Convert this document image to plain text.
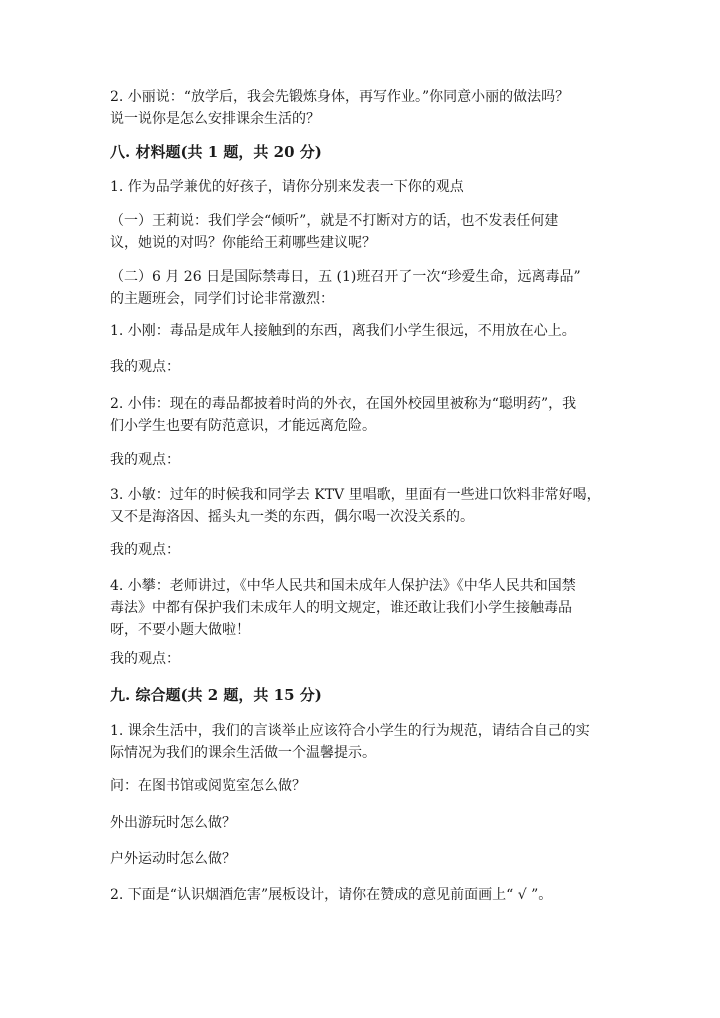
2. 小丽说：“放学后，我会先锻炼身体，再写作业。”你同意小丽的做法吗？
说一说你是怎么安排课余生活的？

八. 材料题(共 1 题，共 20 分)

1. 作为品学兼优的好孩子，请你分别来发表一下你的观点

（一）王莉说：我们学会“倾听”，就是不打断对方的话，也不发表任何建
议，她说的对吗？你能给王莉哪些建议呢？

（二）6 月 26 日是国际禁毒日，五 (1)班召开了一次“珍爱生命，远离毒品”
的主题班会，同学们讨论非常激烈：

1. 小刚：毒品是成年人接触到的东西，离我们小学生很远，不用放在心上。

我的观点：

2. 小伟：现在的毒品都披着时尚的外衣，在国外校园里被称为“聪明药”，我
们小学生也要有防范意识，才能远离危险。

我的观点：

3. 小敏：过年的时候我和同学去 KTV 里唱歌，里面有一些进口饮料非常好喝，
又不是海洛因、摇头丸一类的东西，偶尔喝一次没关系的。

我的观点：

4. 小攀：老师讲过，《中华人民共和国未成年人保护法》《中华人民共和国禁
毒法》中都有保护我们未成年人的明文规定，谁还敢让我们小学生接触毒品
呀，不要小题大做啦！

我的观点：

九. 综合题(共 2 题，共 15 分)

1. 课余生活中，我们的言谈举止应该符合小学生的行为规范，请结合自己的实
际情况为我们的课余生活做一个温馨提示。

问：在图书馆或阅览室怎么做？

外出游玩时怎么做？

户外运动时怎么做？

2. 下面是“认识烟酒危害”展板设计，请你在赞成的意见前面画上“ √ ”。
